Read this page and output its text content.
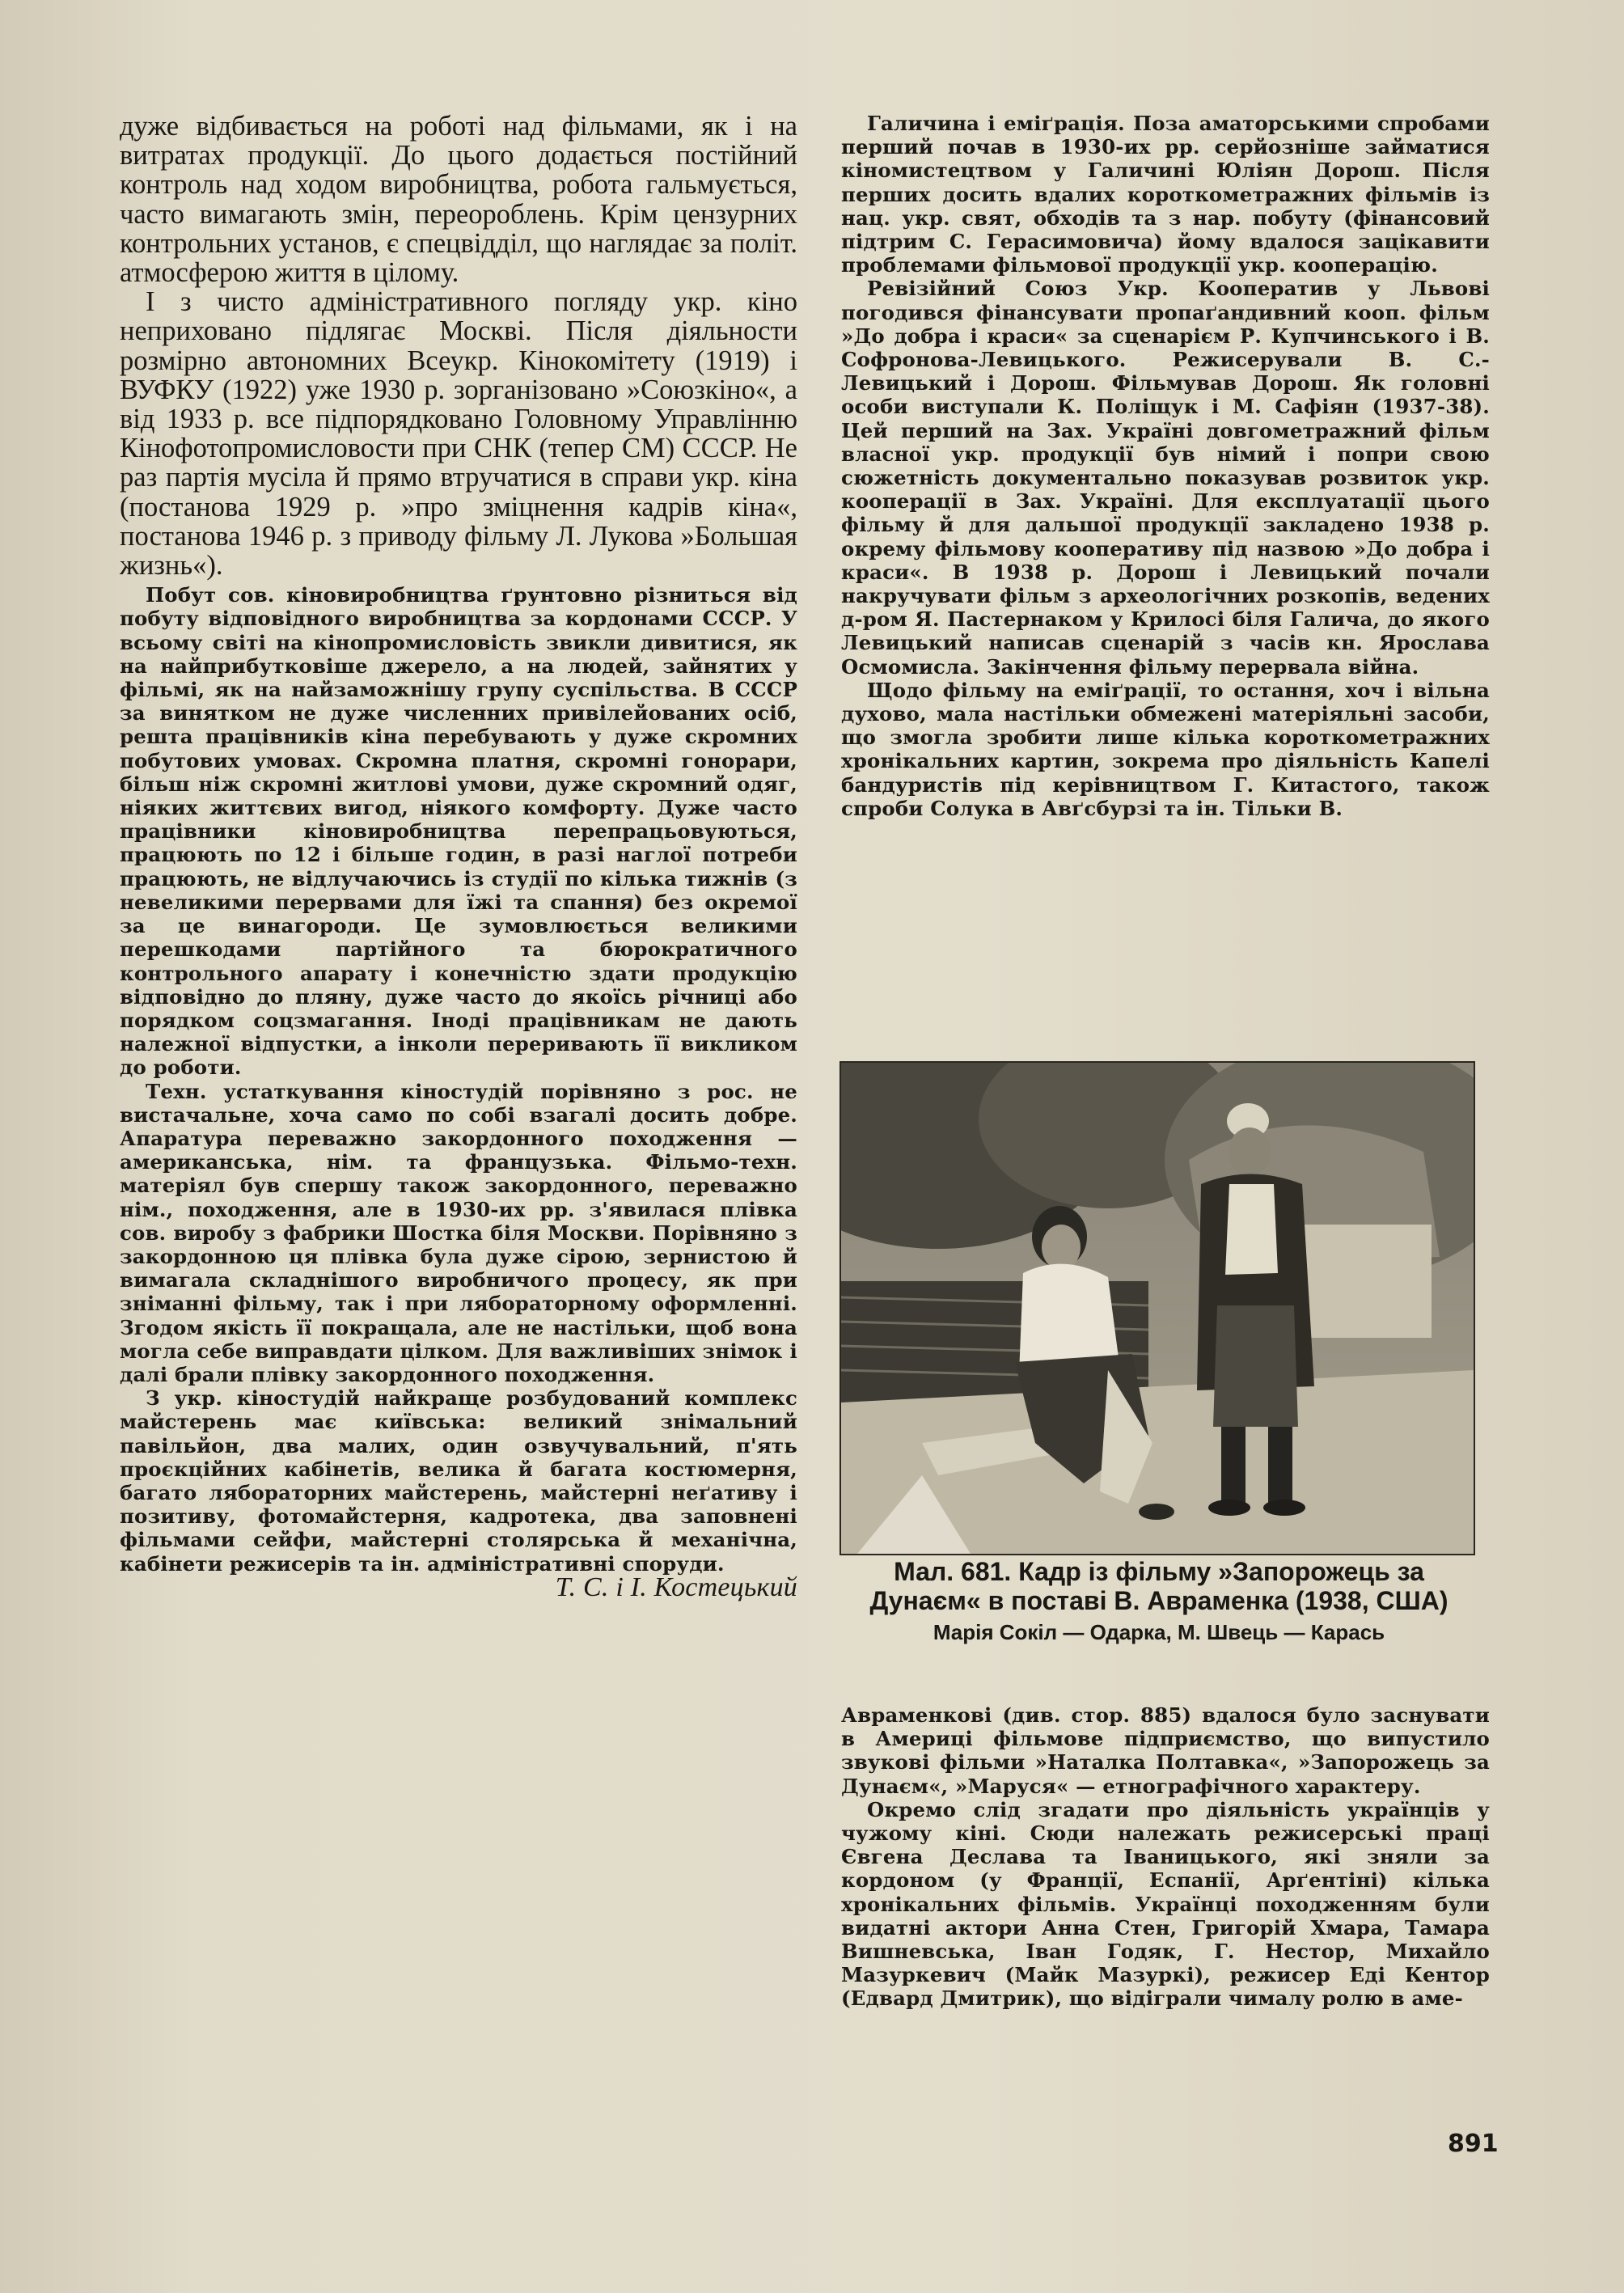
дуже відбивається на роботі над фільмами, як і на витратах продукції. До цього додається постійний контроль над ходом виробництва, робота гальмується, часто вимагають змін, переороблень. Крім цензурних контрольних установ, є спецвідділ, що наглядає за політ. атмосферою життя в цілому.

І з чисто адміністративного погляду укр. кіно неприховано підлягає Москві. Після діяльности розмірно автономних Всеукр. Кінокомітету (1919) і ВУФКУ (1922) уже 1930 р. зорганізовано »Союзкіно«, а від 1933 р. все підпорядковано Головному Управлінню Кінофотопромисловости при СНК (тепер СМ) СССР. Не раз партія мусіла й прямо втручатися в справи укр. кіна (постанова 1929 р. »про зміцнення кадрів кіна«, постанова 1946 р. з приводу фільму Л. Лукова »Большая жизнь«).

Побут сов. кіновиробництва ґрунтовно різниться від побуту відповідного виробництва за кордонами СССР. У всьому світі на кінопромисловість звикли дивитися, як на найприбутковіше джерело, а на людей, зайнятих у фільмі, як на найзаможнішу групу суспільства. В СССР за винятком не дуже численних привілейованих осіб, решта працівників кіна перебувають у дуже скромних побутових умовах. Скромна платня, скромні гонорари, більш ніж скромні житлові умови, дуже скромний одяг, ніяких життєвих вигод, ніякого комфорту. Дуже часто працівники кіновиробництва перепрацьовуються, працюють по 12 і більше годин, в разі наглої потреби працюють, не відлучаючись із студії по кілька тижнів (з невеликими перервами для їжі та спання) без окремої за це винагороди. Це зумовлюється великими перешкодами партійного та бюрократичного контрольного апарату і конечністю здати продукцію відповідно до пляну, дуже часто до якоїсь річниці або порядком соцзмагання. Іноді працівникам не дають належної відпустки, а інколи переривають її викликом до роботи.

Техн. устаткування кіностудій порівняно з рос. не вистачальне, хоча само по собі взагалі досить добре. Апаратура переважно закордонного походження — американська, нім. та французька. Фільмо-техн. матеріял був спершу також закордонного, переважно нім., походження, але в 1930-их рр. з'явилася плівка сов. виробу з фабрики Шостка біля Москви. Порівняно з закордонною ця плівка була дуже сірою, зернистою й вимагала складнішого виробничого процесу, як при зніманні фільму, так і при лябораторному оформленні. Згодом якість її покращала, але не настільки, щоб вона могла себе виправдати цілком. Для важливіших знімок і далі брали плівку закордонного походження.

З укр. кіностудій найкраще розбудований комплекс майстерень має київська: великий знімальний павільйон, два малих, один озвучувальний, п'ять проєкційних кабінетів, велика й багата костюмерня, багато лябораторних майстерень, майстерні неґативу і позитиву, фотомайстерня, кадротека, два заповнені фільмами сейфи, майстерні столярська й механічна, кабінети режисерів та ін. адміністративні споруди.

Т. С. і І. Костецький

Галичина і еміґрація. Поза аматорськими спробами перший почав в 1930-их рр. серйозніше займатися кіномистецтвом у Галичині Юліян Дорош. Після перших досить вдалих короткометражних фільмів із нац. укр. свят, обходів та з нар. побуту (фінансовий підтрим С. Герасимовича) йому вдалося зацікавити проблемами фільмової продукції укр. кооперацію.

Ревізійний Союз Укр. Кооператив у Львові погодився фінансувати пропаґандивний кооп. фільм »До добра і краси« за сценарієм Р. Купчинського і В. Софронова-Левицького. Режисерували В. С.-Левицький і Дорош. Фільмував Дорош. Як головні особи виступали К. Поліщук і М. Сафіян (1937-38). Цей перший на Зах. Україні довгометражний фільм власної укр. продукції був німий і попри свою сюжетність документально показував розвиток укр. кооперації в Зах. Україні. Для експлуатації цього фільму й для дальшої продукції закладено 1938 р. окрему фільмову кооперативу під назвою »До добра і краси«. В 1938 р. Дорош і Левицький почали накручувати фільм з археологічних розкопів, ведених д-ром Я. Пастернаком у Крилосі біля Галича, до якого Левицький написав сценарій з часів кн. Ярослава Осмомисла. Закінчення фільму перервала війна.

Щодо фільму на еміґрації, то остання, хоч і вільна духово, мала настільки обмежені матеріяльні засоби, що змогла зробити лише кілька короткометражних хронікальних картин, зокрема про діяльність Капелі бандуристів під керівництвом Г. Китастого, також спроби Солука в Авґсбурзі та ін. Тільки В.

Мал. 681. Кадр із фільму »Запорожець за Дунаєм« в поставі В. Авраменка (1938, США)
Марія Сокіл — Одарка, М. Швець — Карась

Авраменкові (див. стор. 885) вдалося було заснувати в Америці фільмове підприємство, що випустило звукові фільми »Наталка Полтавка«, »Запорожець за Дунаєм«, »Маруся« — етнографічного характеру.

Окремо слід згадати про діяльність українців у чужому кіні. Сюди належать режисерські праці Євгена Деслава та Іваницького, які зняли за кордоном (у Франції, Еспанії, Арґентіні) кілька хронікальних фільмів. Українці походженням були видатні актори Анна Стен, Григорій Хмара, Тамара Вишневська, Іван Годяк, Г. Нестор, Михайло Мазуркевич (Майк Мазуркі), режисер Еді Кентор (Едвард Дмитрик), що відіграли чималу ролю в аме-

891
